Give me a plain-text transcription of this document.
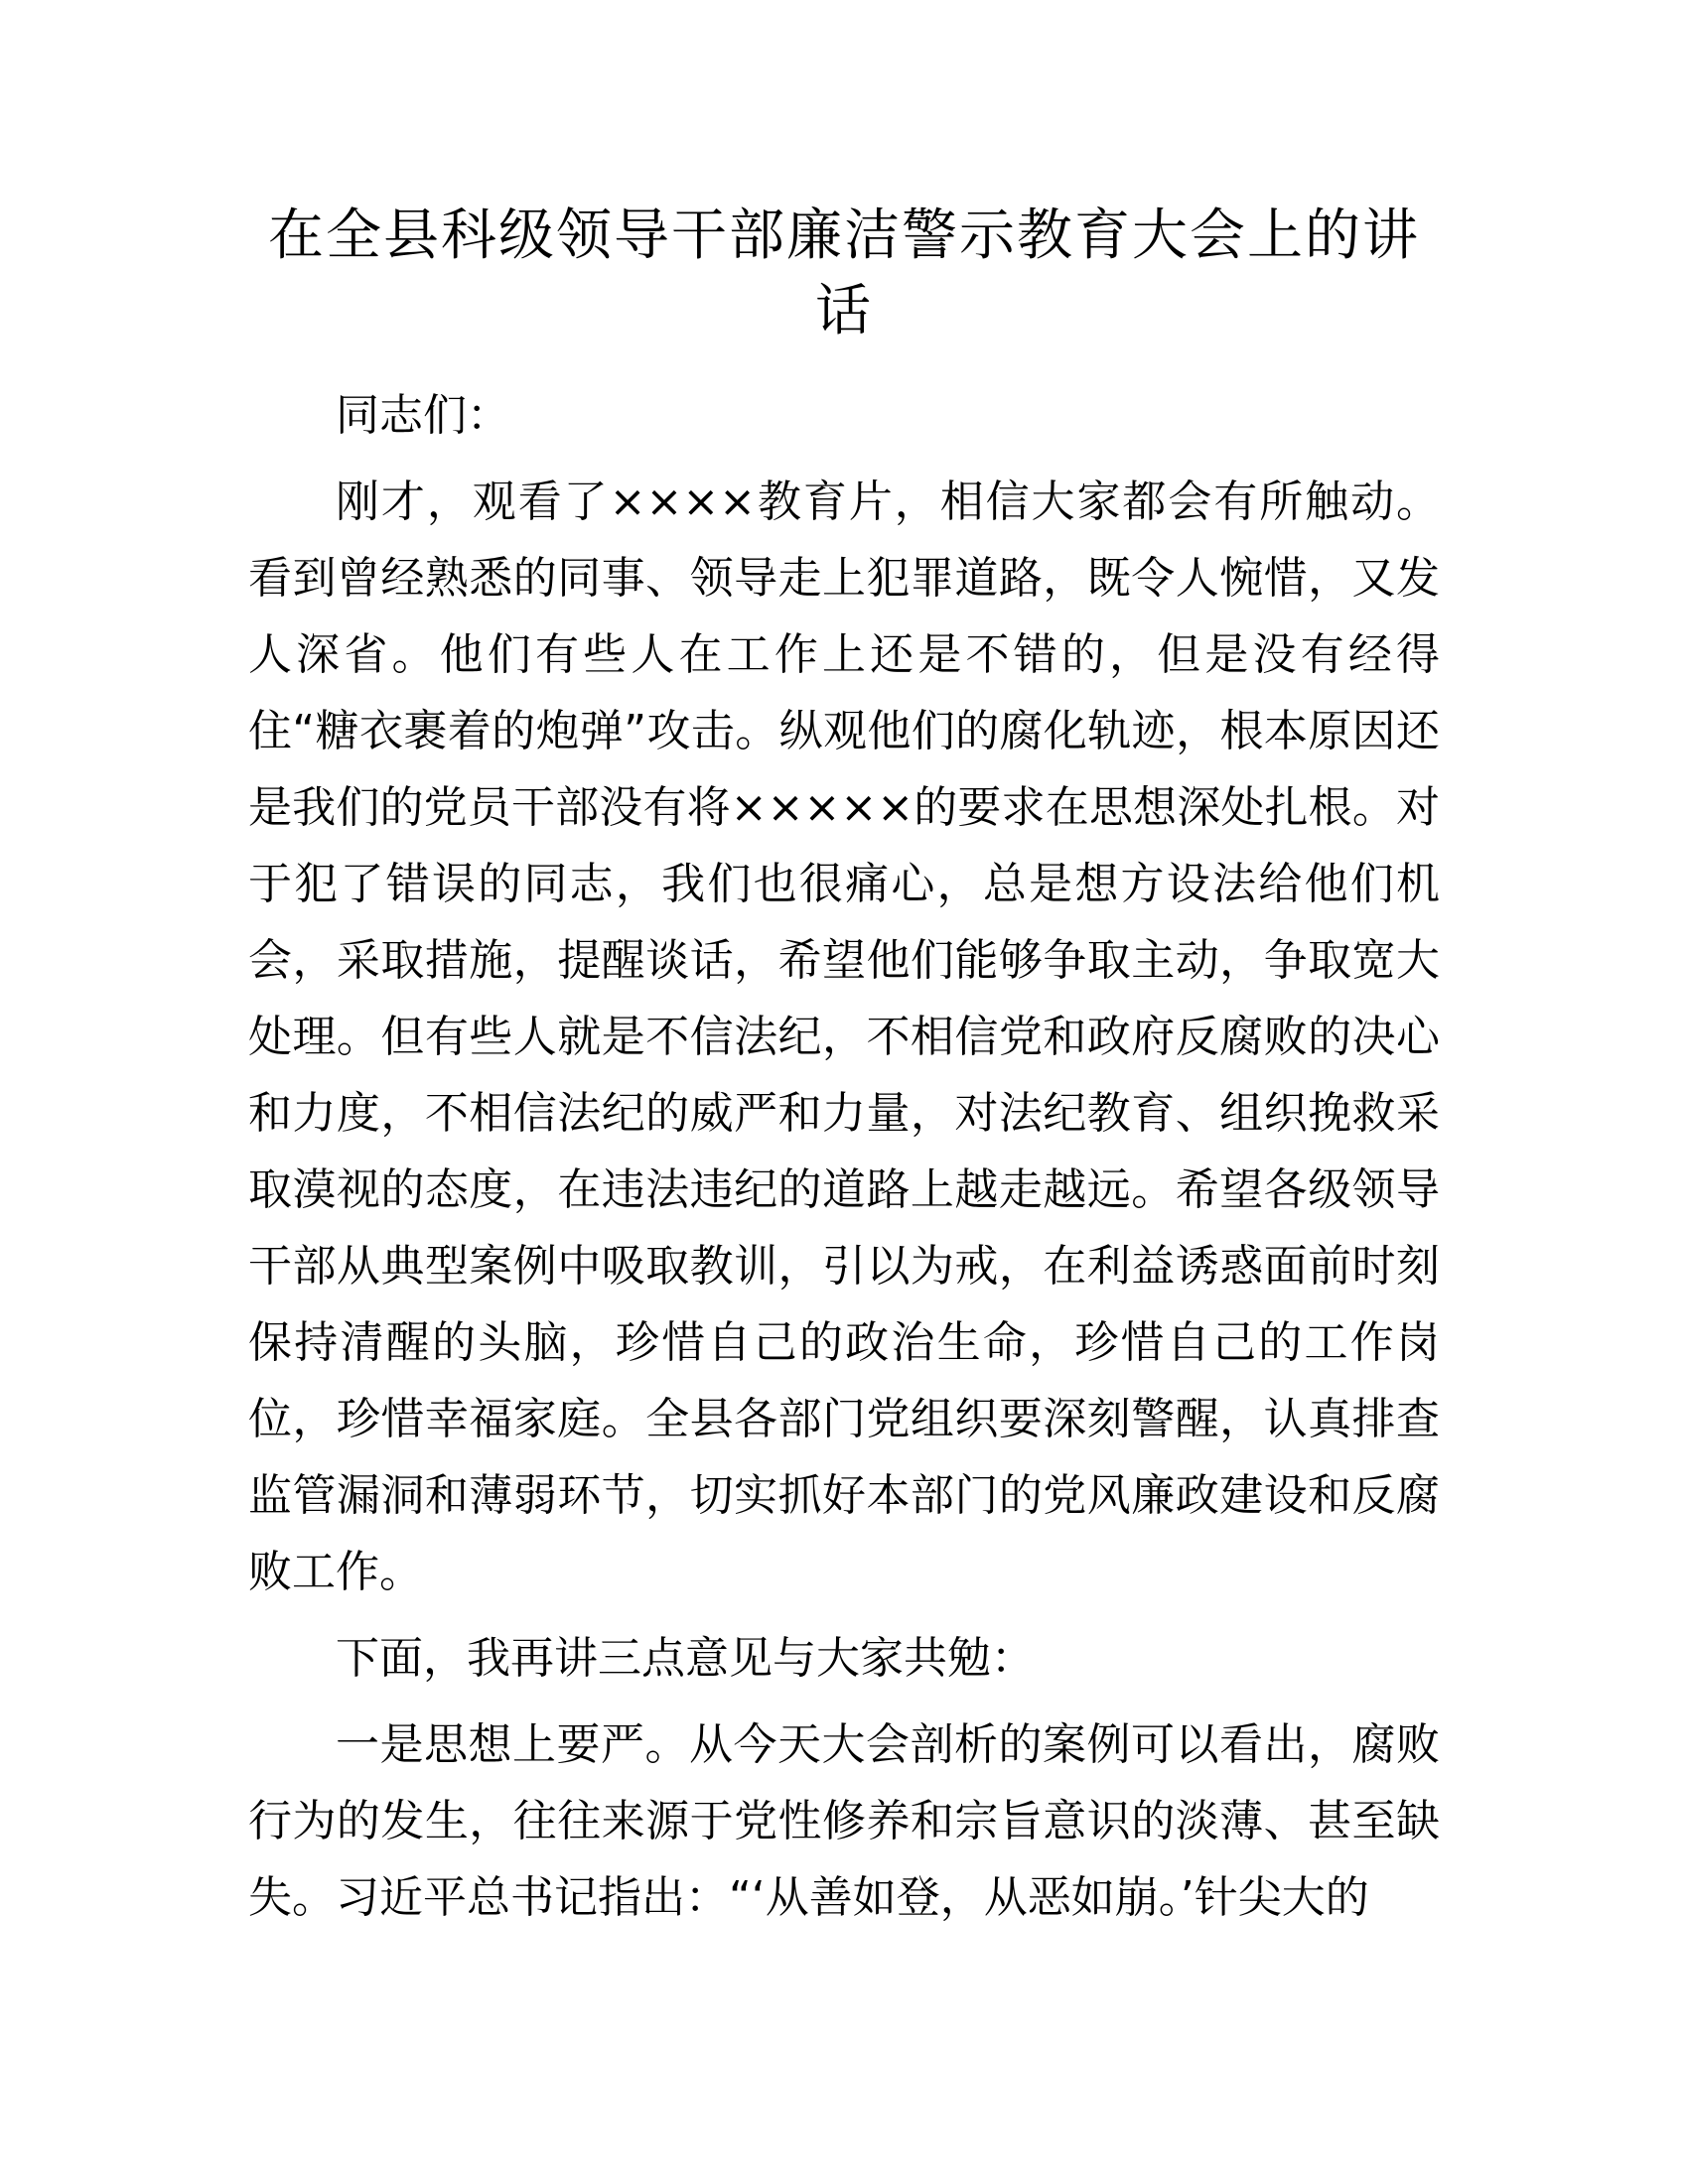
在全县科级领导干部廉洁警示教育大会上的讲话

同志们：

刚才，观看了××××教育片，相信大家都会有所触动。看到曾经熟悉的同事、领导走上犯罪道路，既令人惋惜，又发人深省。他们有些人在工作上还是不错的，但是没有经得住“糖衣裹着的炮弹”攻击。纵观他们的腐化轨迹，根本原因还是我们的党员干部没有将×××××的要求在思想深处扎根。对于犯了错误的同志，我们也很痛心，总是想方设法给他们机会，采取措施，提醒谈话，希望他们能够争取主动，争取宽大处理。但有些人就是不信法纪，不相信党和政府反腐败的决心和力度，不相信法纪的威严和力量，对法纪教育、组织挽救采取漠视的态度，在违法违纪的道路上越走越远。希望各级领导干部从典型案例中吸取教训，引以为戒，在利益诱惑面前时刻保持清醒的头脑，珍惜自己的政治生命，珍惜自己的工作岗位，珍惜幸福家庭。全县各部门党组织要深刻警醒，认真排查监管漏洞和薄弱环节，切实抓好本部门的党风廉政建设和反腐败工作。

下面，我再讲三点意见与大家共勉：

一是思想上要严。从今天大会剖析的案例可以看出，腐败行为的发生，往往来源于党性修养和宗旨意识的淡薄、甚至缺失。习近平总书记指出：“‘从善如登，从恶如崩。’针尖大的
